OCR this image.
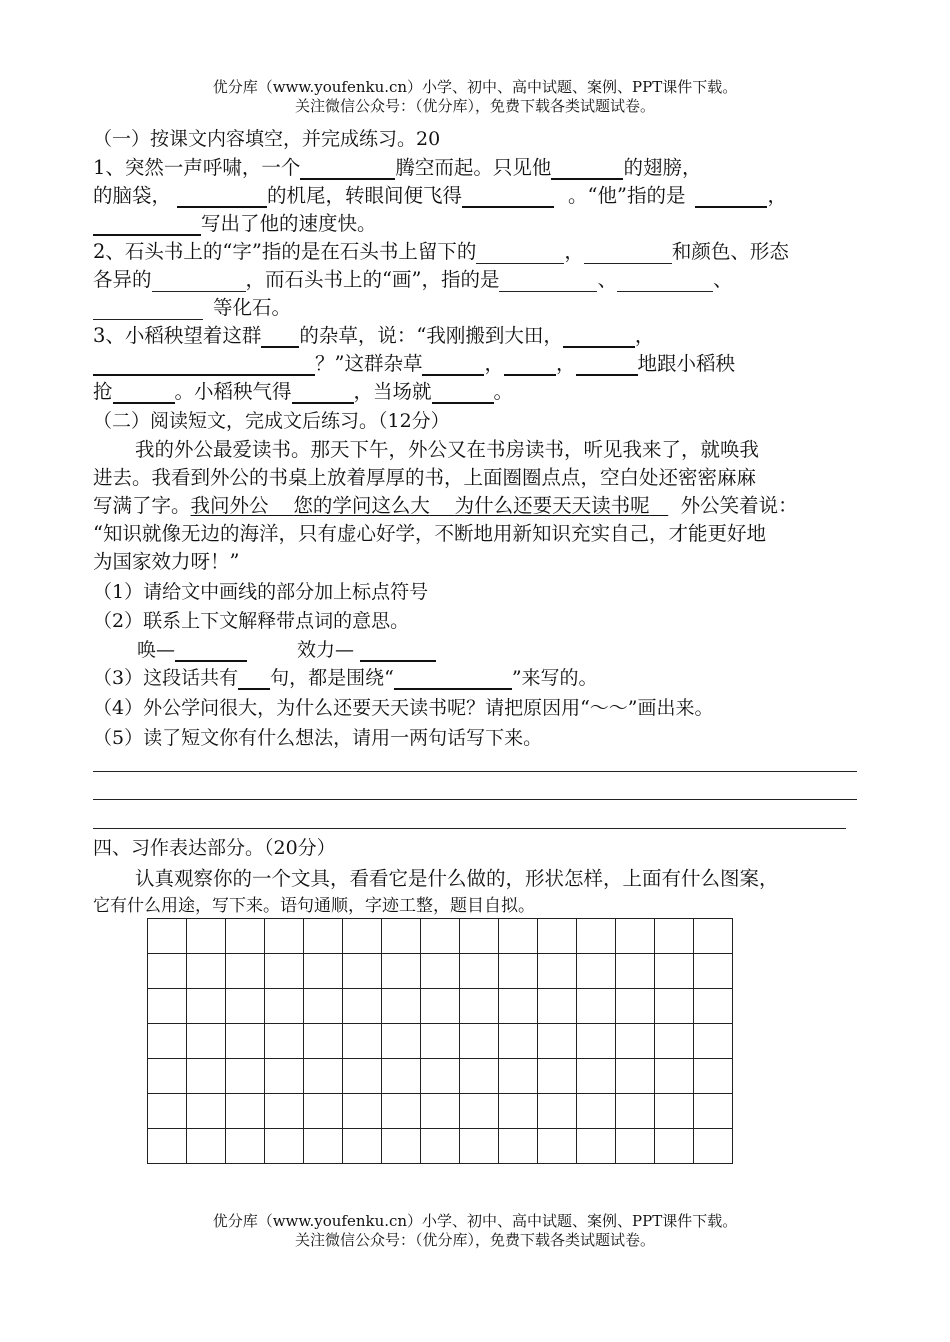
优分库（www.youfenku.cn）小学、初中、高中试题、案例、PPT课件下载。
关注微信公众号：（优分库），免费下载各类试题试卷。
（一）按课文内容填空，并完成练习。20
1、突然一声呼啸，一个	腾空而起。只见他	的翅膀，
的脑袋，	的机尾，转眼间便飞得	。“他”指的是	，
写出了他的速度快。
2、石头书上的“字”指的是在石头书上留下的	，	和颜色、形态
各异的	，而石头书上的“画”，指的是	、	、
等化石。
3、小稻秧望着这群 的杂草，说：“我刚搬到大田，	，
？”这群杂草	，	，	地跟小稻秧
抢	。小稻秧气得	，当场就	。
（二）阅读短文，完成文后练习。（12分）
我的外公最爱读书。那天下午，外公又在书房读书，听见我来了，就唤我
进去。我看到外公的书桌上放着厚厚的书，上面圈圈点点，空白处还密密麻麻
写满了字。我问外公 您的学问这么大 为什么还要天天读书呢 外公笑着说：
“知识就像无边的海洋，只有虚心好学，不断地用新知识充实自己，才能更好地
为国家效力呀！”
（1）请给文中画线的部分加上标点符号
（2）联系上下文解释带点词的意思。
唤—	效力—
（3）这段话共有 句，都是围绕“	”来写的。
（4）外公学问很大，为什么还要天天读书呢？请把原因用“～～”画出来。
（5）读了短文你有什么想法，请用一两句话写下来。
四、习作表达部分。（20分）
认真观察你的一个文具，看看它是什么做的，形状怎样，上面有什么图案，
它有什么用途，写下来。语句通顺，字迹工整，题目自拟。

优分库（www.youfenku.cn）小学、初中、高中试题、案例、PPT课件下载。
关注微信公众号：（优分库），免费下载各类试题试卷。
